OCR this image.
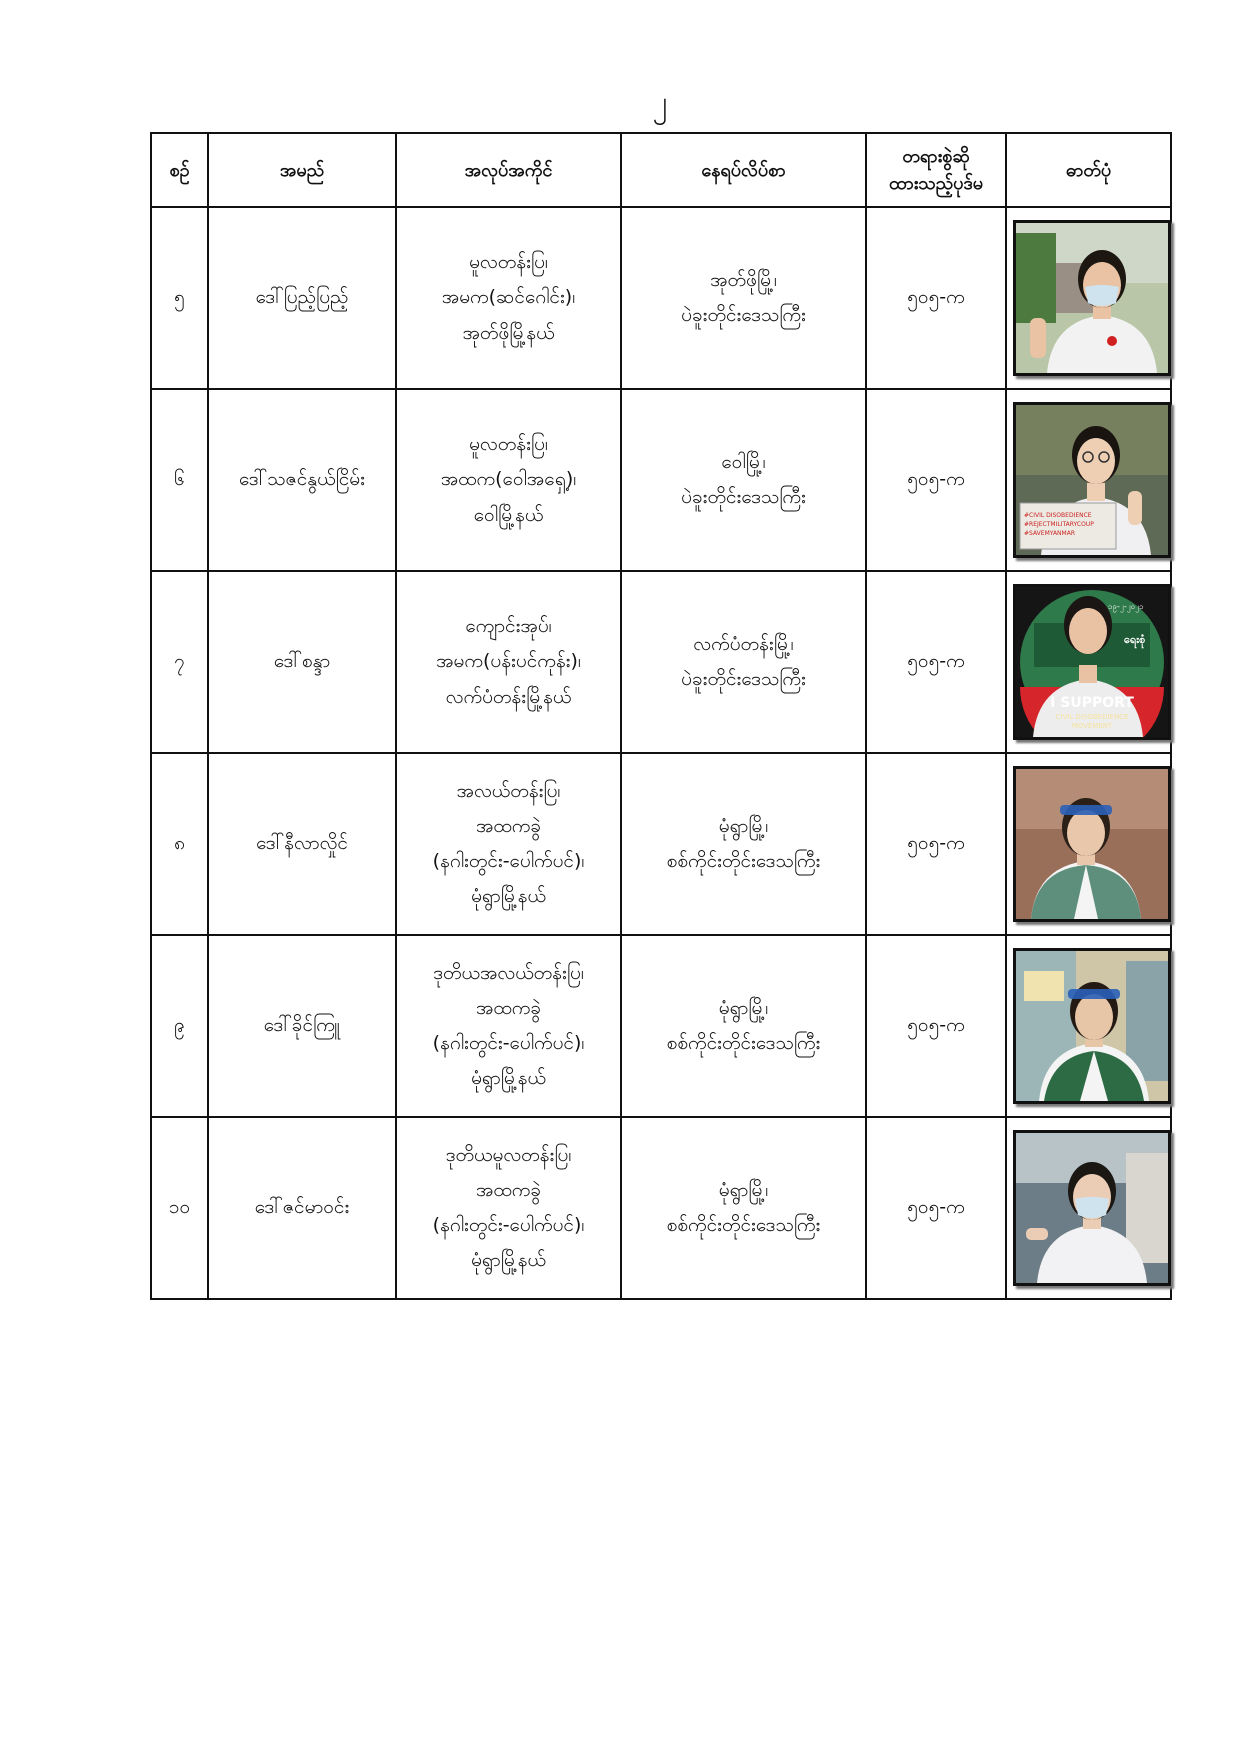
၂
စဉ်	အမည်	အလုပ်အကိုင်	နေရပ်လိပ်စာ	တရားစွဲဆို
ထားသည့်ပုဒ်မ	ဓာတ်ပုံ
၅	ဒေါ်ပြည့်ပြည့်	မူလတန်းပြ၊
အမက(ဆင်ဂေါင်း)၊
အုတ်ဖိုမြို့နယ်	အုတ်ဖိုမြို့၊
ပဲခူးတိုင်းဒေသကြီး	၅၀၅-က	

၆	ဒေါ်သဇင်နွယ်ငြိမ်း	မူလတန်းပြ၊
အထက(ဝေါအရှေ့)၊
ဝေါမြို့နယ်	ဝေါမြို့၊
ပဲခူးတိုင်းဒေသကြီး	၅၀၅-က	#CIVIL DISOBEDIENCE
#REJECTMILITARYCOUP
#SAVEMYANMAR

၇	ဒေါ်စန္ဒာ	ကျောင်းအုပ်၊
အမက(ပန်းပင်ကုန်း)၊
လက်ပံတန်းမြို့နယ်	လက်ပံတန်းမြို့၊
ပဲခူးတိုင်းဒေသကြီး	၅၀၅-က	ရေးစုံ
၁၉-၂-၂၀၂၁
I SUPPORT
CIVIL DISOBEDIENCE
MOVEMENT

၈	ဒေါ်နီလာလှိုင်	အလယ်တန်းပြ၊
အထကခွဲ
(နဂါးတွင်း-ပေါက်ပင်)၊
မုံရွာမြို့နယ်	မုံရွာမြို့၊
စစ်ကိုင်းတိုင်းဒေသကြီး	၅၀၅-က	

၉	ဒေါ်ခိုင်ကြူ	ဒုတိယအလယ်တန်းပြ၊
အထကခွဲ
(နဂါးတွင်း-ပေါက်ပင်)၊
မုံရွာမြို့နယ်	မုံရွာမြို့၊
စစ်ကိုင်းတိုင်းဒေသကြီး	၅၀၅-က	

၁၀	ဒေါ်ဇင်မာဝင်း	ဒုတိယမူလတန်းပြ၊
အထကခွဲ
(နဂါးတွင်း-ပေါက်ပင်)၊
မုံရွာမြို့နယ်	မုံရွာမြို့၊
စစ်ကိုင်းတိုင်းဒေသကြီး	၅၀၅-က	
